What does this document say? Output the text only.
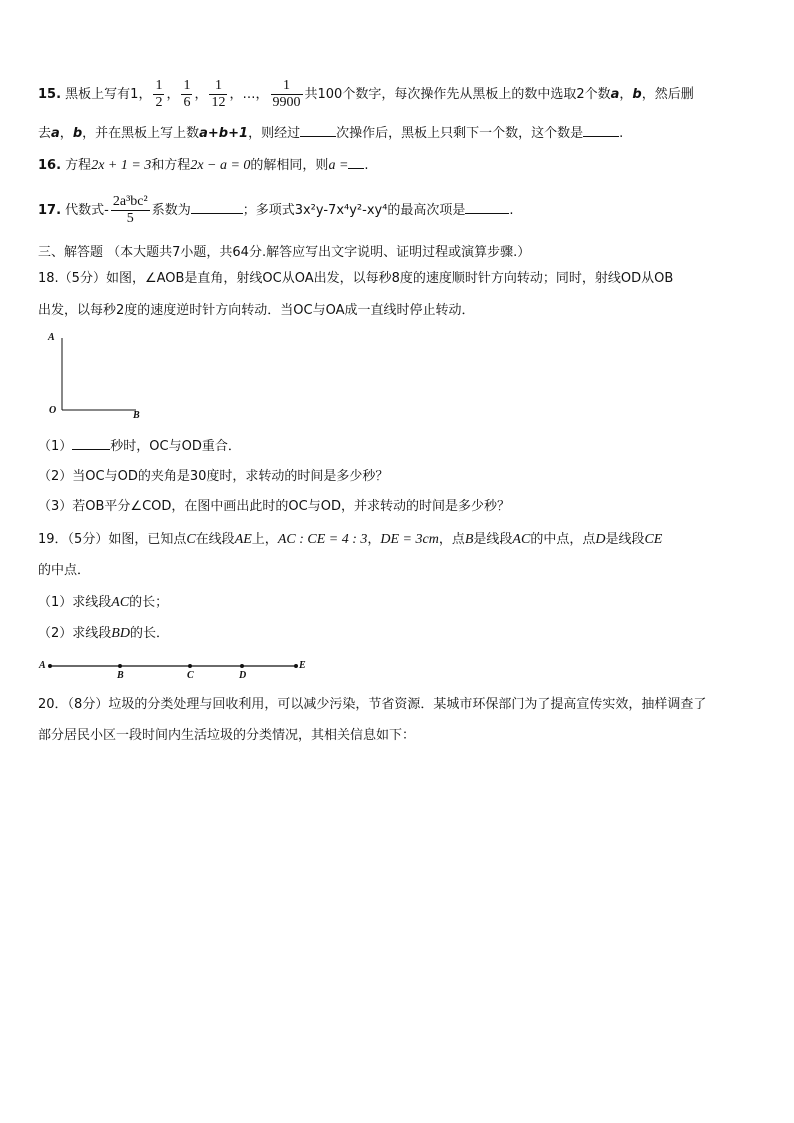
15. 黑板上写有1， $\frac{1}{2}$ ， $\frac{1}{6}$ ， $\frac{1}{12}$ ，…， $\frac{1}{9900}$ 共100个数字，每次操作先从黑板上的数中选取2个数a，b，然后删
去a，b，并在黑板上写上数a+b+1，则经过	次操作后，黑板上只剩下一个数，这个数是	.
16. 方程2x + 1 = 3和方程2x − a = 0的解相同，则a = .
17. 代数式- $\frac{\text{2a³bc²}}{5}$ 系数为	；多项式3x²y-7x⁴y²-xy⁴的最高次项是	.
三、解答题 （本大题共7小题，共64分.解答应写出文字说明、证明过程或演算步骤.）
18.（5分）如图，∠AOB是直角，射线OC从OA出发，以每秒8度的速度顺时针方向转动；同时，射线OD从OB
出发，以每秒2度的速度逆时针方向转动．当OC与OA成一直线时停止转动．
A
O	B
（1）	秒时，OC与OD重合．
（2）当OC与OD的夹角是30度时，求转动的时间是多少秒？
（3）若OB平分∠COD，在图中画出此时的OC与OD，并求转动的时间是多少秒？
19．（5分）如图，已知点C在线段AE上，AC : CE = 4 : 3，DE = 3cm，点B是线段AC的中点，点D是线段CE
的中点．
（1）求线段AC的长；
（2）求线段BD的长．
A
B	C	D
E
20．（8分）垃圾的分类处理与回收利用，可以减少污染，节省资源．某城市环保部门为了提高宣传实效，抽样调查了
部分居民小区一段时间内生活垃圾的分类情况，其相关信息如下：
